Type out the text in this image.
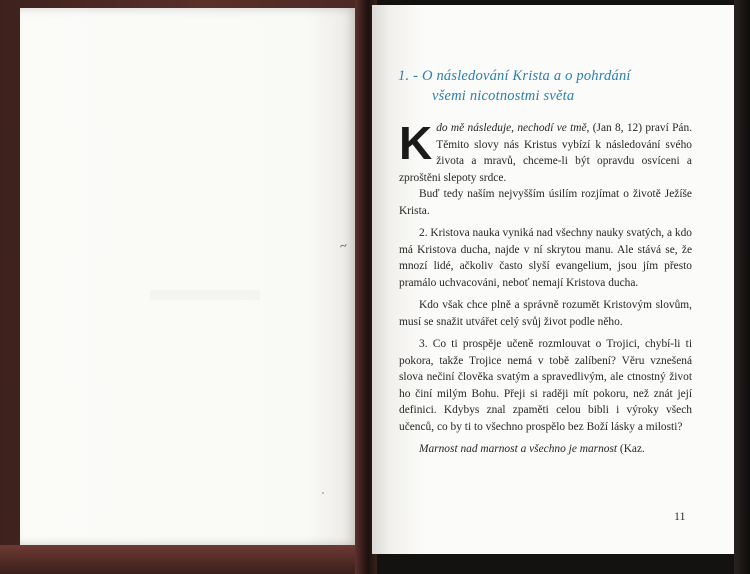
~
1. - O následování Krista a o pohrdání
všemi nicotnostmi světa

Kdo mě následuje, nechodí ve tmě, (Jan 8, 12) praví Pán. Těmito slovy nás Kristus vybízí k následování svého života a mravů, chceme-li být opravdu osvíceni a zproštěni slepoty srdce.

Buď tedy naším nejvyšším úsilím rozjímat o životě Ježíše Krista.

2. Kristova nauka vyniká nad všechny nauky svatých, a kdo má Kristova ducha, najde v ní skrytou manu. Ale stává se, že mnozí lidé, ačkoliv často slyší evangelium, jsou jím přesto pramálo uchvacováni, neboť nemají Kristova ducha.

Kdo však chce plně a správně rozumět Kristovým slovům, musí se snažit utvářet celý svůj život podle něho.

3. Co ti prospěje učeně rozmlouvat o Trojici, chybí-li ti pokora, takže Trojice nemá v tobě zalíbení? Věru vznešená slova nečiní člověka svatým a spravedlivým, ale ctnostný život ho činí milým Bohu. Přeji si raději mít pokoru, než znát její definici. Kdybys znal zpaměti celou bibli i výroky všech učenců, co by ti to všechno prospělo bez Boží lásky a milosti?

Marnost nad marnost a všechno je marnost (Kaz.

11
